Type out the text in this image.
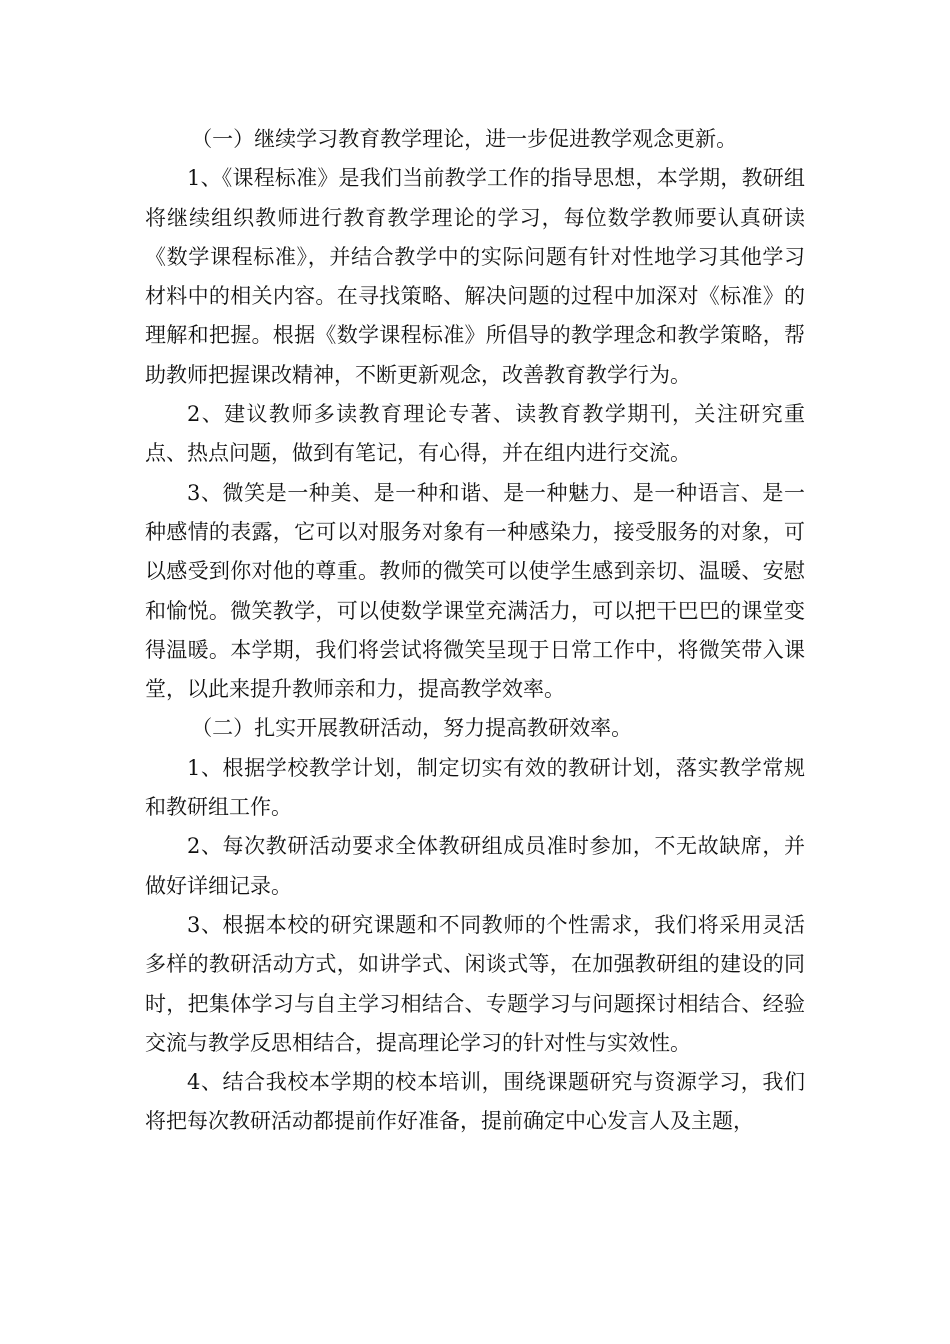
（一）继续学习教育教学理论，进一步促进教学观念更新。

1、《课程标准》是我们当前教学工作的指导思想，本学期，教研组将继续组织教师进行教育教学理论的学习，每位数学教师要认真研读《数学课程标准》，并结合教学中的实际问题有针对性地学习其他学习材料中的相关内容。在寻找策略、解决问题的过程中加深对《标准》的理解和把握。根据《数学课程标准》所倡导的教学理念和教学策略，帮助教师把握课改精神，不断更新观念，改善教育教学行为。

2、建议教师多读教育理论专著、读教育教学期刊，关注研究重点、热点问题，做到有笔记，有心得，并在组内进行交流。

3、微笑是一种美、是一种和谐、是一种魅力、是一种语言、是一种感情的表露，它可以对服务对象有一种感染力，接受服务的对象，可以感受到你对他的尊重。教师的微笑可以使学生感到亲切、温暖、安慰和愉悦。微笑教学，可以使数学课堂充满活力，可以把干巴巴的课堂变得温暖。本学期，我们将尝试将微笑呈现于日常工作中，将微笑带入课堂，以此来提升教师亲和力，提高教学效率。

（二）扎实开展教研活动，努力提高教研效率。

1、根据学校教学计划，制定切实有效的教研计划，落实教学常规和教研组工作。

2、每次教研活动要求全体教研组成员准时参加，不无故缺席，并做好详细记录。

3、根据本校的研究课题和不同教师的个性需求，我们将采用灵活多样的教研活动方式，如讲学式、闲谈式等，在加强教研组的建设的同时，把集体学习与自主学习相结合、专题学习与问题探讨相结合、经验交流与教学反思相结合，提高理论学习的针对性与实效性。

4、结合我校本学期的校本培训，围绕课题研究与资源学习，我们将把每次教研活动都提前作好准备，提前确定中心发言人及主题，
